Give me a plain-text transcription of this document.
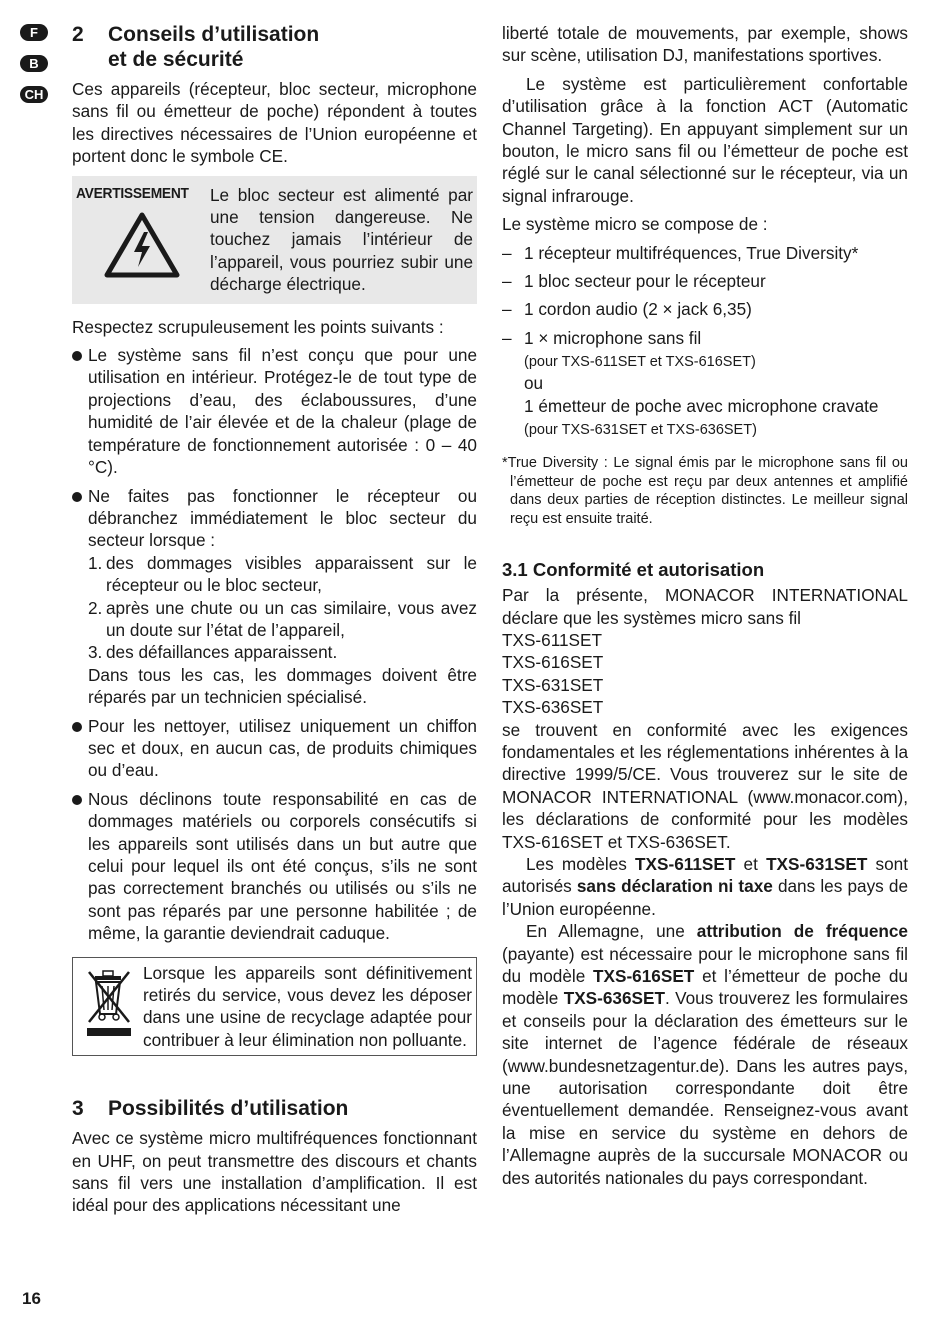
F
B
CH
2	Conseils d’utilisation
et de sécurité

Ces appareils (récepteur, bloc secteur, microphone sans fil ou émetteur de poche) répondent à toutes les directives nécessaires de l’Union européenne et portent donc le symbole CE.

AVERTISSEMENT	Le bloc secteur est alimenté par une tension dangereuse. Ne touchez jamais l’intérieur de l’appareil, vous pourriez subir une décharge électrique.

Respectez scrupuleusement les points suivants :

Le système sans fil n’est conçu que pour une utilisation en intérieur. Protégez-le de tout type de projections d’eau, des éclaboussures, d’une humidité de l’air élevée et de la chaleur (plage de température de fonctionnement autorisée : 0 – 40 °C).
Ne faites pas fonctionner le récepteur ou débranchez immédiatement le bloc secteur du secteur lorsque :
1. des dommages visibles apparaissent sur le récepteur ou le bloc secteur,
2. après une chute ou un cas similaire, vous avez un doute sur l’état de l’appareil,
3. des défaillances apparaissent.
Dans tous les cas, les dommages doivent être réparés par un technicien spécialisé.
Pour les nettoyer, utilisez uniquement un chiffon sec et doux, en aucun cas, de produits chimiques ou d’eau.
Nous déclinons toute responsabilité en cas de dommages matériels ou corporels consécutifs si les appareils sont utilisés dans un but autre que celui pour lequel ils ont été conçus, s’ils ne sont pas correctement branchés ou utilisés ou s’ils ne sont pas réparés par une personne habilitée ; de même, la garantie deviendrait caduque.
Lorsque les appareils sont définitivement retirés du service, vous devez les déposer dans une usine de recyclage adaptée pour contribuer à leur élimination non polluante.
3	Possibilités d’utilisation

Avec ce système micro multifréquences fonctionnant en UHF, on peut transmettre des discours et chants sans fil vers une installation d’amplification. Il est idéal pour des applications nécessitant une

liberté totale de mouvements, par exemple, shows sur scène, utilisation DJ, manifestations sportives.

Le système est particulièrement confortable d’utilisation grâce à la fonction ACT (Automatic Channel Targeting). En appuyant simplement sur un bouton, le micro sans fil ou l’émetteur de poche est réglé sur le canal sélectionné sur le récepteur, via un signal infrarouge.

Le système micro se compose de :

– 1 récepteur multifréquences, True Diversity*
– 1 bloc secteur pour le récepteur
– 1 cordon audio (2 × jack 6,35)
– 1 × microphone sans fil
(pour TXS-611SET et TXS-616SET)
ou
1 émetteur de poche avec microphone cravate
(pour TXS-631SET et TXS-636SET)
*True Diversity : Le signal émis par le microphone sans fil ou l’émetteur de poche est reçu par deux antennes et amplifié dans deux parties de réception distinctes. Le meilleur signal reçu est ensuite traité.
3.1 Conformité et autorisation

Par la présente, MONACOR INTERNATIONAL déclare que les systèmes micro sans fil

TXS-611SET
TXS-616SET
TXS-631SET
TXS-636SET

se trouvent en conformité avec les exigences fondamentales et les réglementations inhérentes à la directive 1999/5/CE. Vous trouverez sur le site de MONACOR INTERNATIONAL (www.monacor.com), les déclarations de conformité pour les modèles TXS-616SET et TXS-636SET.

Les modèles TXS-611SET et TXS-631SET sont autorisés sans déclaration ni taxe dans les pays de l’Union européenne.

En Allemagne, une attribution de fréquence (payante) est nécessaire pour le microphone sans fil du modèle TXS-616SET et l’émetteur de poche du modèle TXS-636SET. Vous trouverez les formulaires et conseils pour la déclaration des émetteurs sur le site internet de l’agence fédérale de réseaux (www.bundesnetzagentur.de). Dans les autres pays, une autorisation correspondante doit être éventuellement demandée. Renseignez-vous avant la mise en service du système en dehors de l’Allemagne auprès de la succursale MONACOR ou des autorités nationales du pays correspondant.

16
